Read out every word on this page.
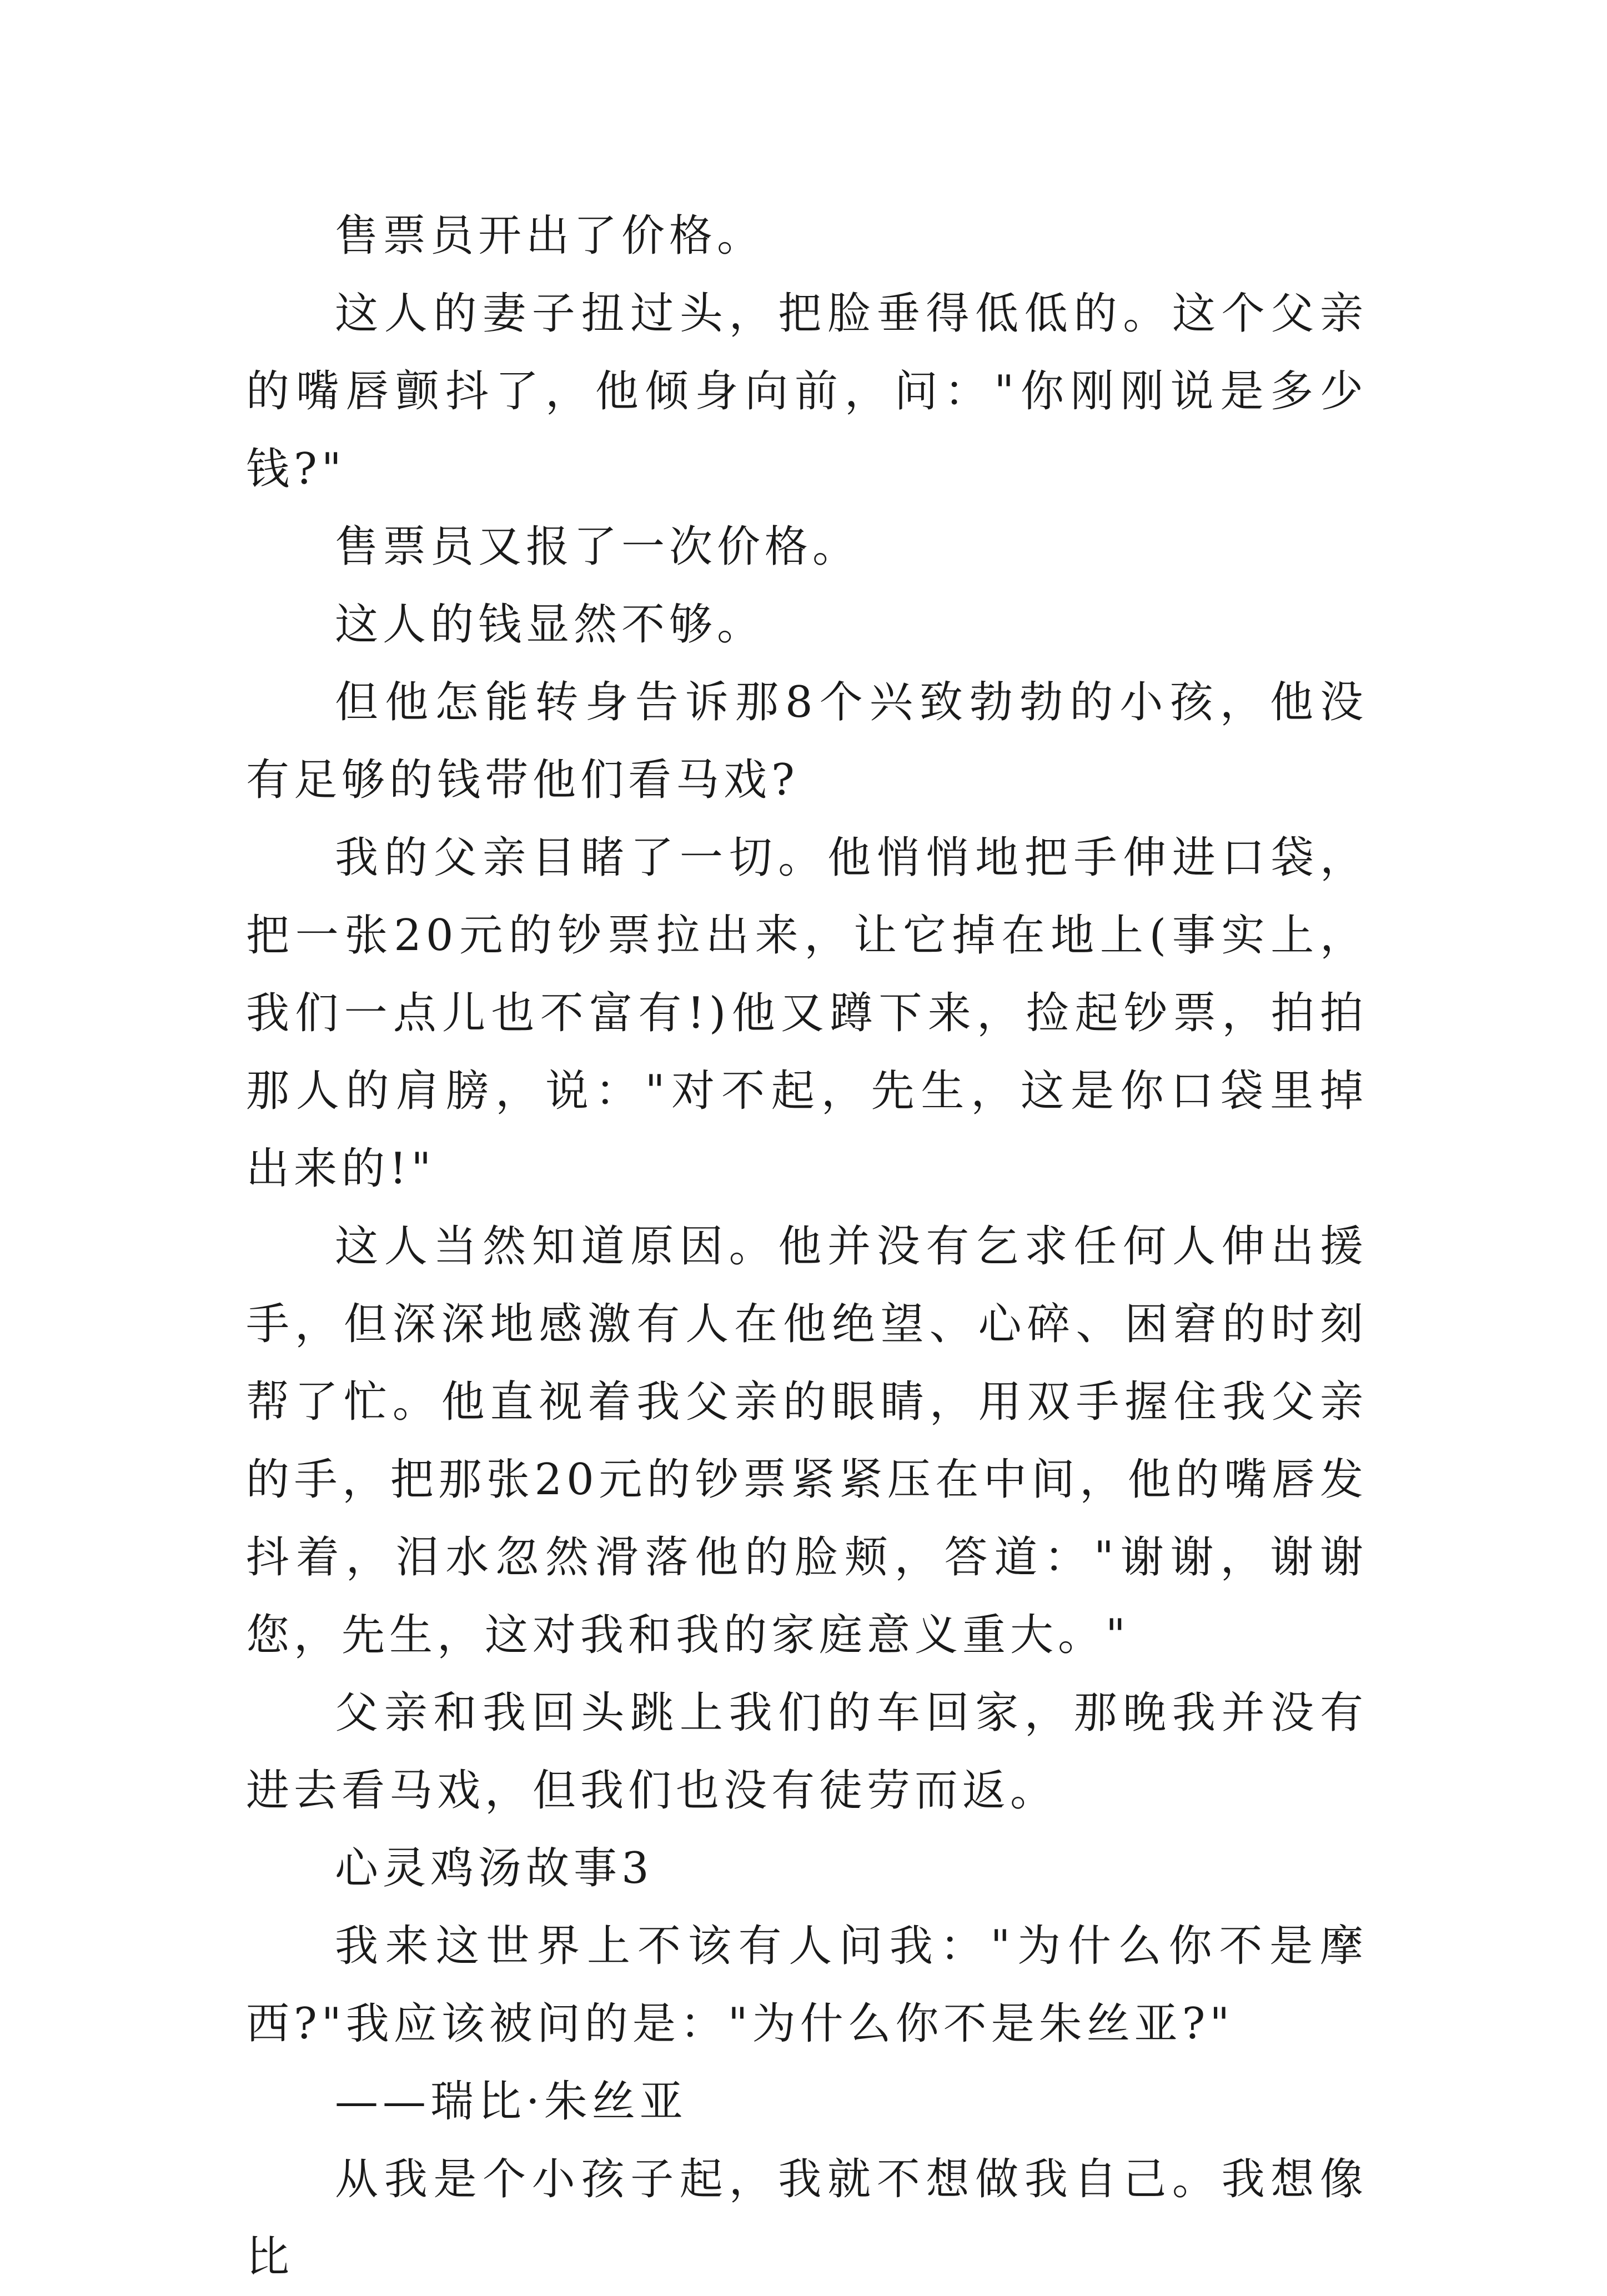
售票员开出了价格。

这人的妻子扭过头，把脸垂得低低的。这个父亲的嘴唇颤抖了，他倾身向前，问："你刚刚说是多少钱?"

售票员又报了一次价格。

这人的钱显然不够。

但他怎能转身告诉那8个兴致勃勃的小孩，他没有足够的钱带他们看马戏?

我的父亲目睹了一切。他悄悄地把手伸进口袋，把一张20元的钞票拉出来，让它掉在地上(事实上，我们一点儿也不富有!)他又蹲下来，捡起钞票，拍拍那人的肩膀，说："对不起，先生，这是你口袋里掉出来的!"

这人当然知道原因。他并没有乞求任何人伸出援手，但深深地感激有人在他绝望、心碎、困窘的时刻帮了忙。他直视着我父亲的眼睛，用双手握住我父亲的手，把那张20元的钞票紧紧压在中间，他的嘴唇发抖着，泪水忽然滑落他的脸颊，答道："谢谢，谢谢您，先生，这对我和我的家庭意义重大。"

父亲和我回头跳上我们的车回家，那晚我并没有进去看马戏，但我们也没有徒劳而返。

心灵鸡汤故事3

我来这世界上不该有人问我："为什么你不是摩西?"我应该被问的是："为什么你不是朱丝亚?"

——瑞比·朱丝亚

从我是个小孩子起，我就不想做我自己。我想像比
